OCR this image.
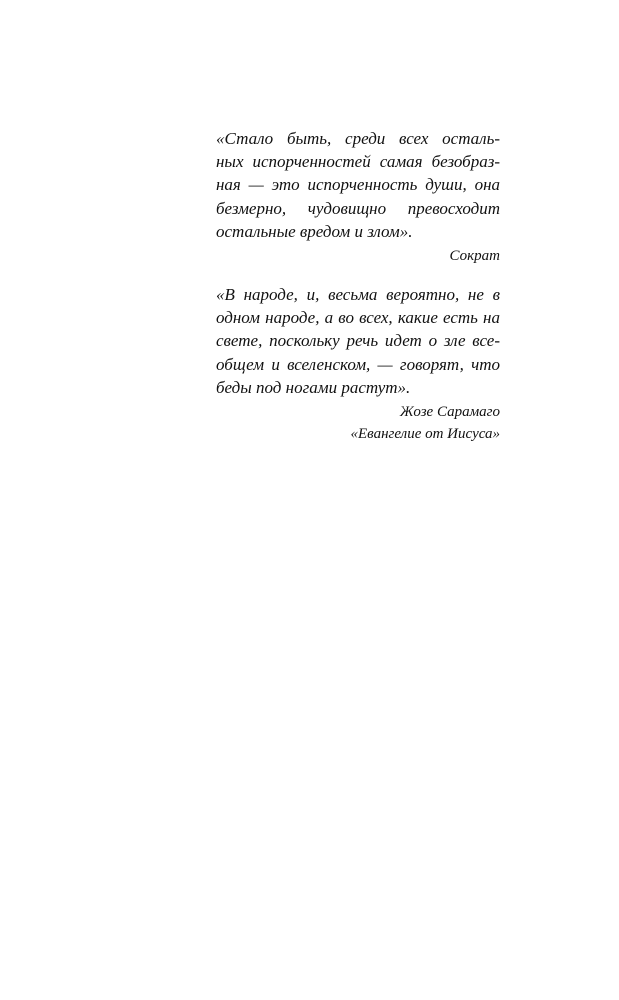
«Стало быть, среди всех осталь-
ных испорченностей самая безобраз-
ная — это испорченность души, она
безмерно, чудовищно превосходит
остальные вредом и злом».
Сократ
«В народе, и, весьма вероятно, не в
одном народе, а во всех, какие есть на
свете, поскольку речь идет о зле все-
общем и вселенском, — говорят, что
беды под ногами растут».
Жозе Сарамаго
«Евангелие от Иисуса»
